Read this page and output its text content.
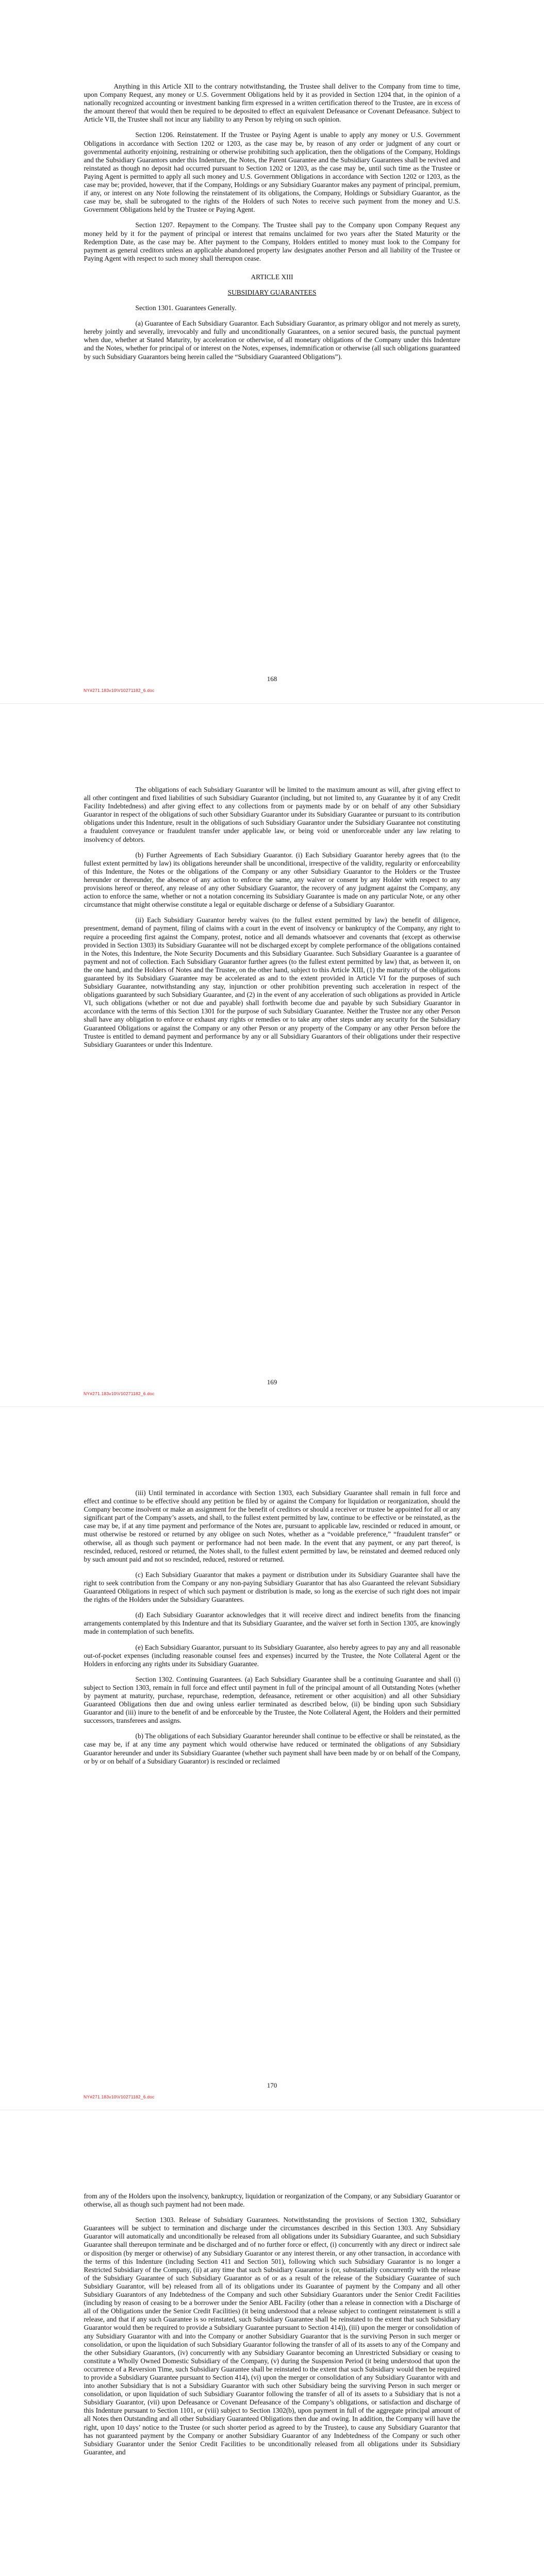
Anything in this Article XII to the contrary notwithstanding, the Trustee shall deliver to the Company from time to time, upon Company Request, any money or U.S. Government Obligations held by it as provided in Section 1204 that, in the opinion of a nationally recognized accounting or investment banking firm expressed in a written certification thereof to the Trustee, are in excess of the amount thereof that would then be required to be deposited to effect an equivalent Defeasance or Covenant Defeasance. Subject to Article VII, the Trustee shall not incur any liability to any Person by relying on such opinion.

Section 1206. Reinstatement. If the Trustee or Paying Agent is unable to apply any money or U.S. Government Obligations in accordance with Section 1202 or 1203, as the case may be, by reason of any order or judgment of any court or governmental authority enjoining, restraining or otherwise prohibiting such application, then the obligations of the Company, Holdings and the Subsidiary Guarantors under this Indenture, the Notes, the Parent Guarantee and the Subsidiary Guarantees shall be revived and reinstated as though no deposit had occurred pursuant to Section 1202 or 1203, as the case may be, until such time as the Trustee or Paying Agent is permitted to apply all such money and U.S. Government Obligations in accordance with Section 1202 or 1203, as the case may be; provided, however, that if the Company, Holdings or any Subsidiary Guarantor makes any payment of principal, premium, if any, or interest on any Note following the reinstatement of its obligations, the Company, Holdings or Subsidiary Guarantor, as the case may be, shall be subrogated to the rights of the Holders of such Notes to receive such payment from the money and U.S. Government Obligations held by the Trustee or Paying Agent.

Section 1207. Repayment to the Company. The Trustee shall pay to the Company upon Company Request any money held by it for the payment of principal or interest that remains unclaimed for two years after the Stated Maturity or the Redemption Date, as the case may be. After payment to the Company, Holders entitled to money must look to the Company for payment as general creditors unless an applicable abandoned property law designates another Person and all liability of the Trustee or Paying Agent with respect to such money shall thereupon cease.

ARTICLE XIII

SUBSIDIARY GUARANTEES

Section 1301. Guarantees Generally.

(a) Guarantee of Each Subsidiary Guarantor. Each Subsidiary Guarantor, as primary obligor and not merely as surety, hereby jointly and severally, irrevocably and fully and unconditionally Guarantees, on a senior secured basis, the punctual payment when due, whether at Stated Maturity, by acceleration or otherwise, of all monetary obligations of the Company under this Indenture and the Notes, whether for principal of or interest on the Notes, expenses, indemnification or otherwise (all such obligations guaranteed by such Subsidiary Guarantors being herein called the “Subsidiary Guaranteed Obligations”).

168
NY#271.183v10\V10271182_6.doc

The obligations of each Subsidiary Guarantor will be limited to the maximum amount as will, after giving effect to all other contingent and fixed liabilities of such Subsidiary Guarantor (including, but not limited to, any Guarantee by it of any Credit Facility Indebtedness) and after giving effect to any collections from or payments made by or on behalf of any other Subsidiary Guarantor in respect of the obligations of such other Subsidiary Guarantor under its Subsidiary Guarantee or pursuant to its contribution obligations under this Indenture, result in the obligations of such Subsidiary Guarantor under the Subsidiary Guarantee not constituting a fraudulent conveyance or fraudulent transfer under applicable law, or being void or unenforceable under any law relating to insolvency of debtors.

(b) Further Agreements of Each Subsidiary Guarantor. (i) Each Subsidiary Guarantor hereby agrees that (to the fullest extent permitted by law) its obligations hereunder shall be unconditional, irrespective of the validity, regularity or enforceability of this Indenture, the Notes or the obligations of the Company or any other Subsidiary Guarantor to the Holders or the Trustee hereunder or thereunder, the absence of any action to enforce the same, any waiver or consent by any Holder with respect to any provisions hereof or thereof, any release of any other Subsidiary Guarantor, the recovery of any judgment against the Company, any action to enforce the same, whether or not a notation concerning its Subsidiary Guarantee is made on any particular Note, or any other circumstance that might otherwise constitute a legal or equitable discharge or defense of a Subsidiary Guarantor.

(ii) Each Subsidiary Guarantor hereby waives (to the fullest extent permitted by law) the benefit of diligence, presentment, demand of payment, filing of claims with a court in the event of insolvency or bankruptcy of the Company, any right to require a proceeding first against the Company, protest, notice and all demands whatsoever and covenants that (except as otherwise provided in Section 1303) its Subsidiary Guarantee will not be discharged except by complete performance of the obligations contained in the Notes, this Indenture, the Note Security Documents and this Subsidiary Guarantee. Such Subsidiary Guarantee is a guarantee of payment and not of collection. Each Subsidiary Guarantor further agrees (to the fullest extent permitted by law) that, as between it, on the one hand, and the Holders of Notes and the Trustee, on the other hand, subject to this Article XIII, (1) the maturity of the obligations guaranteed by its Subsidiary Guarantee may be accelerated as and to the extent provided in Article VI for the purposes of such Subsidiary Guarantee, notwithstanding any stay, injunction or other prohibition preventing such acceleration in respect of the obligations guaranteed by such Subsidiary Guarantee, and (2) in the event of any acceleration of such obligations as provided in Article VI, such obligations (whether or not due and payable) shall forthwith become due and payable by such Subsidiary Guarantor in accordance with the terms of this Section 1301 for the purpose of such Subsidiary Guarantee. Neither the Trustee nor any other Person shall have any obligation to enforce or exhaust any rights or remedies or to take any other steps under any security for the Subsidiary Guaranteed Obligations or against the Company or any other Person or any property of the Company or any other Person before the Trustee is entitled to demand payment and performance by any or all Subsidiary Guarantors of their obligations under their respective Subsidiary Guarantees or under this Indenture.

169
NY#271.183v10\V10271182_6.doc

(iii) Until terminated in accordance with Section 1303, each Subsidiary Guarantee shall remain in full force and effect and continue to be effective should any petition be filed by or against the Company for liquidation or reorganization, should the Company become insolvent or make an assignment for the benefit of creditors or should a receiver or trustee be appointed for all or any significant part of the Company’s assets, and shall, to the fullest extent permitted by law, continue to be effective or be reinstated, as the case may be, if at any time payment and performance of the Notes are, pursuant to applicable law, rescinded or reduced in amount, or must otherwise be restored or returned by any obligee on such Notes, whether as a “voidable preference,” “fraudulent transfer” or otherwise, all as though such payment or performance had not been made. In the event that any payment, or any part thereof, is rescinded, reduced, restored or returned, the Notes shall, to the fullest extent permitted by law, be reinstated and deemed reduced only by such amount paid and not so rescinded, reduced, restored or returned.

(c) Each Subsidiary Guarantor that makes a payment or distribution under its Subsidiary Guarantee shall have the right to seek contribution from the Company or any non-paying Subsidiary Guarantor that has also Guaranteed the relevant Subsidiary Guaranteed Obligations in respect of which such payment or distribution is made, so long as the exercise of such right does not impair the rights of the Holders under the Subsidiary Guarantees.

(d) Each Subsidiary Guarantor acknowledges that it will receive direct and indirect benefits from the financing arrangements contemplated by this Indenture and that its Subsidiary Guarantee, and the waiver set forth in Section 1305, are knowingly made in contemplation of such benefits.

(e) Each Subsidiary Guarantor, pursuant to its Subsidiary Guarantee, also hereby agrees to pay any and all reasonable out-of-pocket expenses (including reasonable counsel fees and expenses) incurred by the Trustee, the Note Collateral Agent or the Holders in enforcing any rights under its Subsidiary Guarantee.

Section 1302. Continuing Guarantees. (a) Each Subsidiary Guarantee shall be a continuing Guarantee and shall (i) subject to Section 1303, remain in full force and effect until payment in full of the principal amount of all Outstanding Notes (whether by payment at maturity, purchase, repurchase, redemption, defeasance, retirement or other acquisition) and all other Subsidiary Guaranteed Obligations then due and owing unless earlier terminated as described below, (ii) be binding upon such Subsidiary Guarantor and (iii) inure to the benefit of and be enforceable by the Trustee, the Note Collateral Agent, the Holders and their permitted successors, transferees and assigns.

(b) The obligations of each Subsidiary Guarantor hereunder shall continue to be effective or shall be reinstated, as the case may be, if at any time any payment which would otherwise have reduced or terminated the obligations of any Subsidiary Guarantor hereunder and under its Subsidiary Guarantee (whether such payment shall have been made by or on behalf of the Company, or by or on behalf of a Subsidiary Guarantor) is rescinded or reclaimed

170
NY#271.183v10\V10271182_6.doc

from any of the Holders upon the insolvency, bankruptcy, liquidation or reorganization of the Company, or any Subsidiary Guarantor or otherwise, all as though such payment had not been made.

Section 1303. Release of Subsidiary Guarantees. Notwithstanding the provisions of Section 1302, Subsidiary Guarantees will be subject to termination and discharge under the circumstances described in this Section 1303. Any Subsidiary Guarantor will automatically and unconditionally be released from all obligations under its Subsidiary Guarantee, and such Subsidiary Guarantee shall thereupon terminate and be discharged and of no further force or effect, (i) concurrently with any direct or indirect sale or disposition (by merger or otherwise) of any Subsidiary Guarantor or any interest therein, or any other transaction, in accordance with the terms of this Indenture (including Section 411 and Section 501), following which such Subsidiary Guarantor is no longer a Restricted Subsidiary of the Company, (ii) at any time that such Subsidiary Guarantor is (or, substantially concurrently with the release of the Subsidiary Guarantee of such Subsidiary Guarantor as of or as a result of the release of the Subsidiary Guarantee of such Subsidiary Guarantor, will be) released from all of its obligations under its Guarantee of payment by the Company and all other Subsidiary Guarantors of any Indebtedness of the Company and such other Subsidiary Guarantors under the Senior Credit Facilities (including by reason of ceasing to be a borrower under the Senior ABL Facility (other than a release in connection with a Discharge of all of the Obligations under the Senior Credit Facilities) (it being understood that a release subject to contingent reinstatement is still a release, and that if any such Guarantee is so reinstated, such Subsidiary Guarantee shall be reinstated to the extent that such Subsidiary Guarantor would then be required to provide a Subsidiary Guarantee pursuant to Section 414)), (iii) upon the merger or consolidation of any Subsidiary Guarantor with and into the Company or another Subsidiary Guarantor that is the surviving Person in such merger or consolidation, or upon the liquidation of such Subsidiary Guarantor following the transfer of all of its assets to any of the Company and the other Subsidiary Guarantors, (iv) concurrently with any Subsidiary Guarantor becoming an Unrestricted Subsidiary or ceasing to constitute a Wholly Owned Domestic Subsidiary of the Company, (v) during the Suspension Period (it being understood that upon the occurrence of a Reversion Time, such Subsidiary Guarantee shall be reinstated to the extent that such Subsidiary would then be required to provide a Subsidiary Guarantee pursuant to Section 414), (vi) upon the merger or consolidation of any Subsidiary Guarantor with and into another Subsidiary that is not a Subsidiary Guarantor with such other Subsidiary being the surviving Person in such merger or consolidation, or upon liquidation of such Subsidiary Guarantor following the transfer of all of its assets to a Subsidiary that is not a Subsidiary Guarantor, (vii) upon Defeasance or Covenant Defeasance of the Company’s obligations, or satisfaction and discharge of this Indenture pursuant to Section 1101, or (viii) subject to Section 1302(b), upon payment in full of the aggregate principal amount of all Notes then Outstanding and all other Subsidiary Guaranteed Obligations then due and owing. In addition, the Company will have the right, upon 10 days’ notice to the Trustee (or such shorter period as agreed to by the Trustee), to cause any Subsidiary Guarantor that has not guaranteed payment by the Company or another Subsidiary Guarantor of any Indebtedness of the Company or such other Subsidiary Guarantor under the Senior Credit Facilities to be unconditionally released from all obligations under its Subsidiary Guarantee, and
